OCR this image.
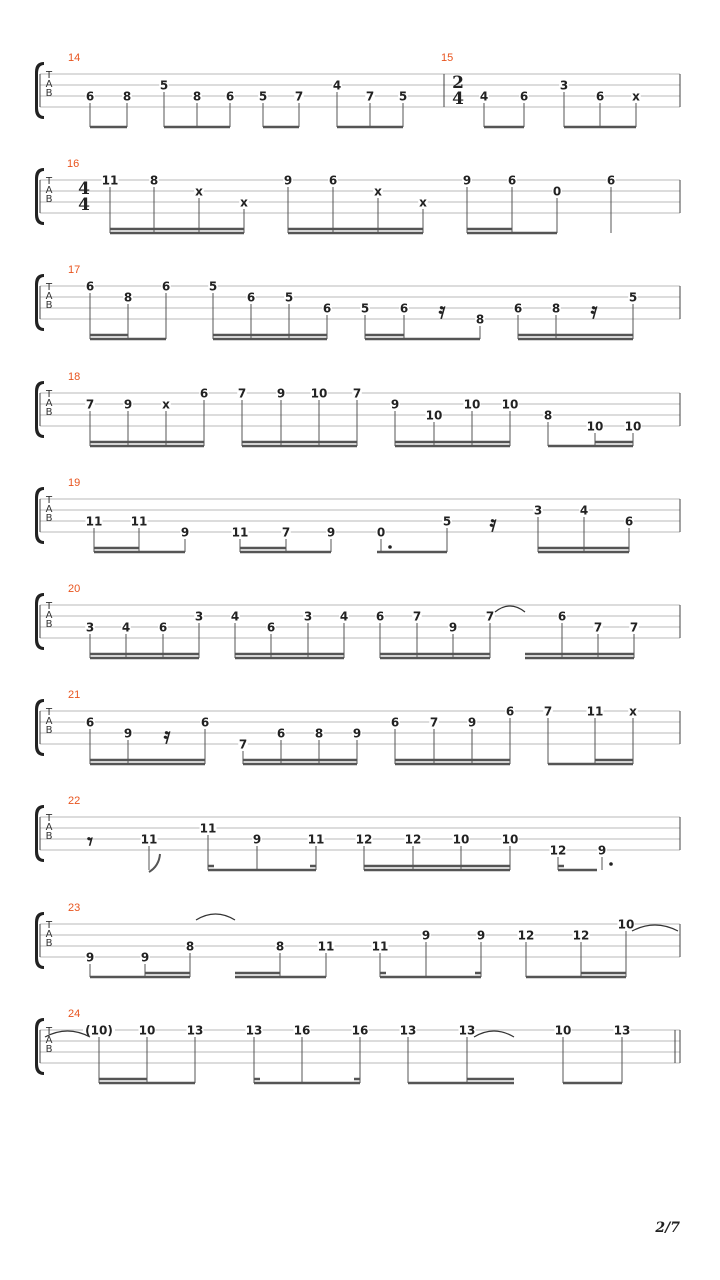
T
A
B
14
6 8
5
8 6 5 7
4
7 5
15
2
4 4	6
3
6 x
T
A
B
16
4
4
11	8
x
x
9	6
x
x
9	6
0
6
T
A
B
17
6
8
6	5
6 5
6 5	6
8
6 8
5
𝄿	𝄿
T
A
B
18
7 9 x
6 7	9 10 7
9
10
10 10
8
10 10
T
A
B
19
11 11
9	11	7	9	0
5
3	4
6
𝄿
T
A
B
20
3 4 6
3 4
6
3 4 6 7
9
7	6
7 7
T
A
B
21
6
9
6
7
6 8 9
6	7 9
6 7	11 x
𝄿
T
A
B
22
11
11
9	11	12	12	10	10
12	9
𝄾
T
A
B
23
9	9
8	8	11	11
9	9	12	12
10
T
A
B
24
(10) 10	13	13	16	16	13	13	10	13
2/7
